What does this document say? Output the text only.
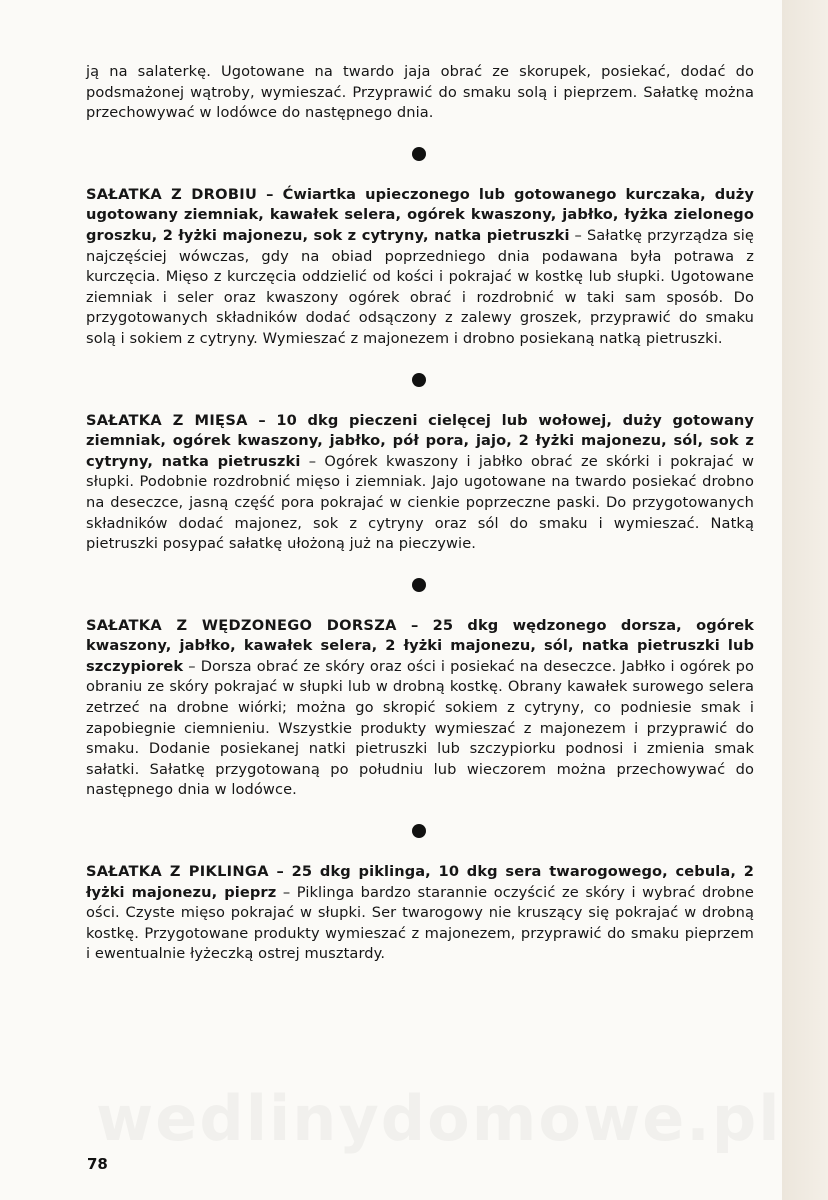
ją na salaterkę. Ugotowane na twardo jaja obrać ze skorupek, posiekać, dodać do podsmażonej wątroby, wymieszać. Przyprawić do smaku solą i pieprzem. Sałatkę można przechowywać w lodówce do następnego dnia.

SAŁATKA Z DROBIU – Ćwiartka upieczonego lub gotowanego kurczaka, duży ugotowany ziemniak, kawałek selera, ogórek kwaszony, jabłko, łyżka zielonego groszku, 2 łyżki majonezu, sok z cytryny, natka pietruszki – Sałatkę przyrządza się najczęściej wówczas, gdy na obiad poprzedniego dnia podawana była potrawa z kurczęcia. Mięso z kurczęcia oddzielić od kości i pokrajać w kostkę lub słupki. Ugotowane ziemniak i seler oraz kwaszony ogórek obrać i rozdrobnić w taki sam sposób. Do przygotowanych składników dodać odsączony z zalewy groszek, przyprawić do smaku solą i sokiem z cytryny. Wymieszać z majonezem i drobno posiekaną natką pietruszki.

SAŁATKA Z MIĘSA – 10 dkg pieczeni cielęcej lub wołowej, duży gotowany ziemniak, ogórek kwaszony, jabłko, pół pora, jajo, 2 łyżki majonezu, sól, sok z cytryny, natka pietruszki – Ogórek kwaszony i jabłko obrać ze skórki i pokrajać w słupki. Podobnie rozdrobnić mięso i ziemniak. Jajo ugotowane na twardo posiekać drobno na deseczce, jasną część pora pokrajać w cienkie poprzeczne paski. Do przygotowanych składników dodać majonez, sok z cytryny oraz sól do smaku i wymieszać. Natką pietruszki posypać sałatkę ułożoną już na pieczywie.

SAŁATKA Z WĘDZONEGO DORSZA – 25 dkg wędzonego dorsza, ogórek kwaszony, jabłko, kawałek selera, 2 łyżki majonezu, sól, natka pietruszki lub szczypiorek – Dorsza obrać ze skóry oraz ości i posiekać na deseczce. Jabłko i ogórek po obraniu ze skóry pokrajać w słupki lub w drobną kostkę. Obrany kawałek surowego selera zetrzeć na drobne wiórki; można go skropić sokiem z cytryny, co podniesie smak i zapobiegnie ciemnieniu. Wszystkie produkty wymieszać z majonezem i przyprawić do smaku. Dodanie posiekanej natki pietruszki lub szczypiorku podnosi i zmienia smak sałatki. Sałatkę przygotowaną po południu lub wieczorem można przechowywać do następnego dnia w lodówce.

SAŁATKA Z PIKLINGA – 25 dkg piklinga, 10 dkg sera twarogowego, cebula, 2 łyżki majonezu, pieprz – Piklinga bardzo starannie oczyścić ze skóry i wybrać drobne ości. Czyste mięso pokrajać w słupki. Ser twarogowy nie kruszący się pokrajać w drobną kostkę. Przygotowane produkty wymieszać z majonezem, przyprawić do smaku pieprzem i ewentualnie łyżeczką ostrej musztardy.

78
